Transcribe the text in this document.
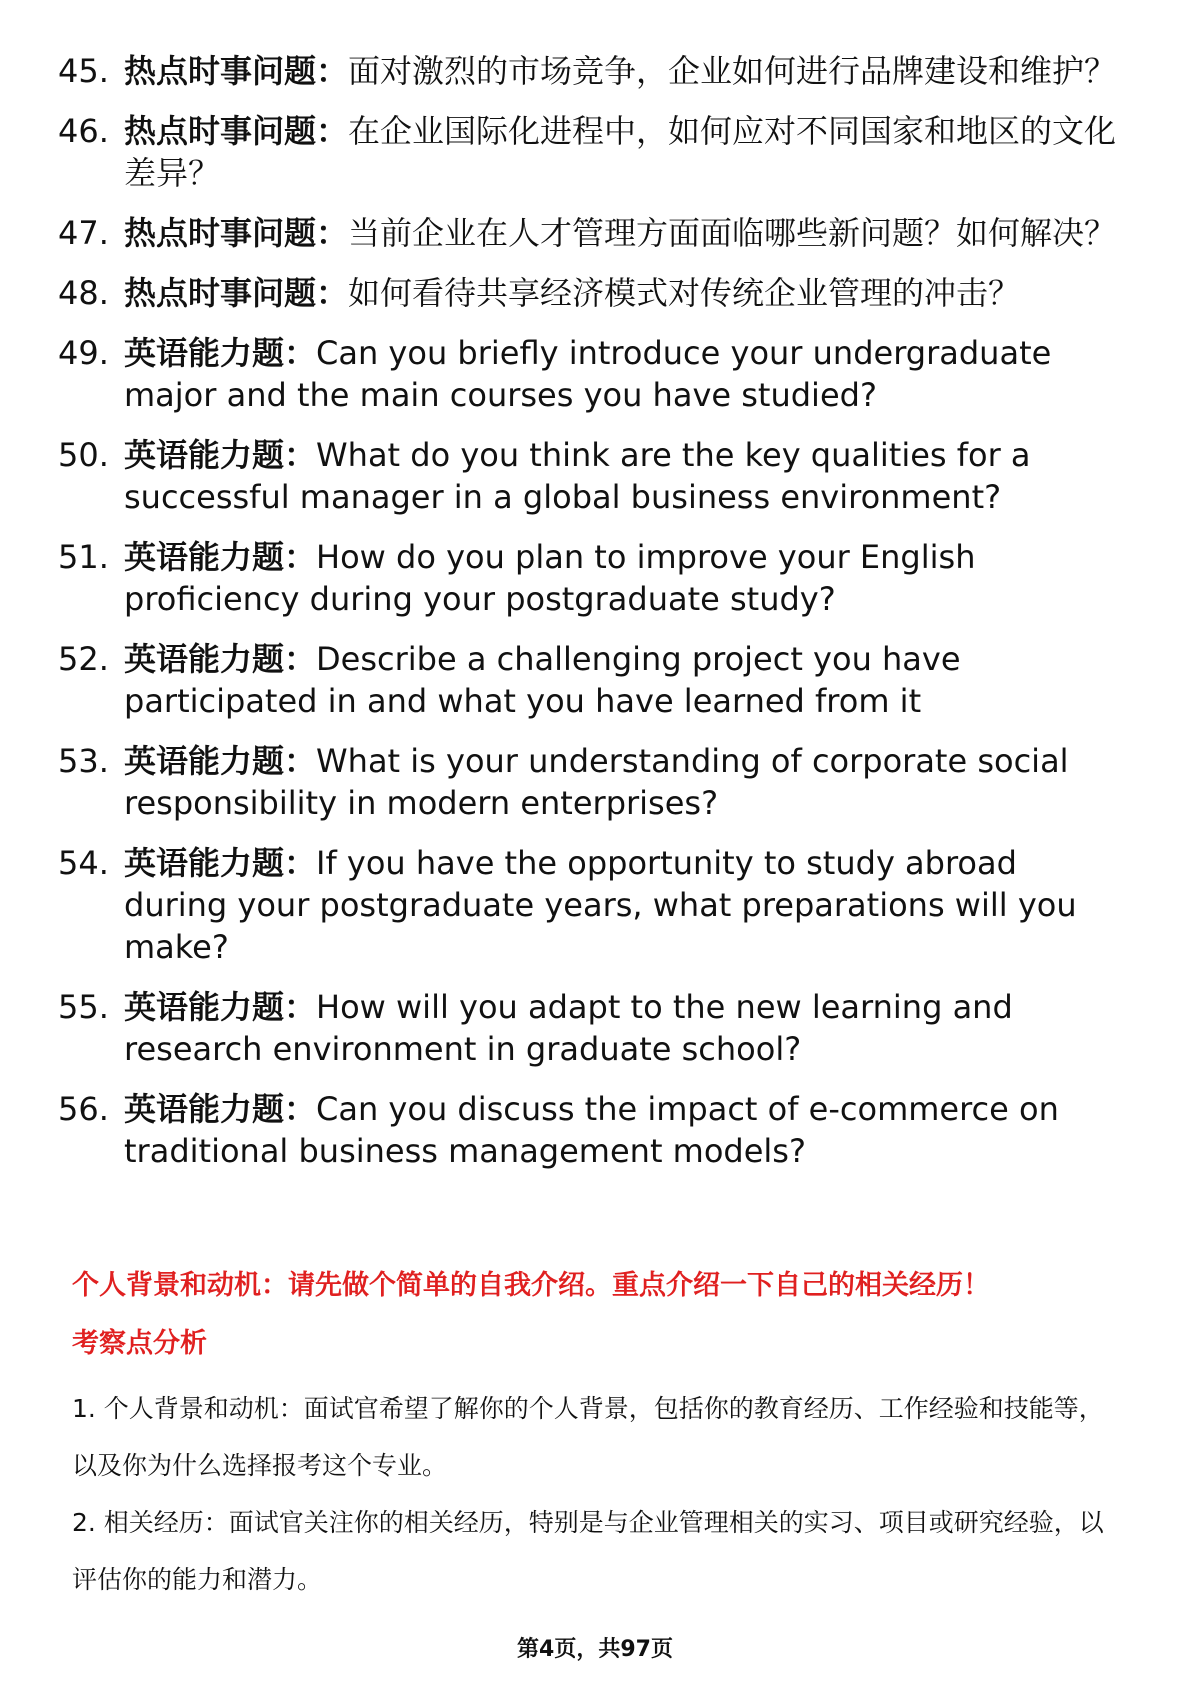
45. 热点时事问题：面对激烈的市场竞争，企业如何进行品牌建设和维护？
46. 热点时事问题：在企业国际化进程中，如何应对不同国家和地区的文化差异？
47. 热点时事问题：当前企业在人才管理方面面临哪些新问题？如何解决？
48. 热点时事问题：如何看待共享经济模式对传统企业管理的冲击？
49. 英语能力题：Can you briefly introduce your undergraduate major and the main courses you have studied?
50. 英语能力题：What do you think are the key qualities for a successful manager in a global business environment?
51. 英语能力题：How do you plan to improve your English proficiency during your postgraduate study?
52. 英语能力题：Describe a challenging project you have participated in and what you have learned from it
53. 英语能力题：What is your understanding of corporate social responsibility in modern enterprises?
54. 英语能力题：If you have the opportunity to study abroad during your postgraduate years, what preparations will you make?
55. 英语能力题：How will you adapt to the new learning and research environment in graduate school?
56. 英语能力题：Can you discuss the impact of e-commerce on traditional business management models?
个人背景和动机：请先做个简单的自我介绍。重点介绍一下自己的相关经历！
考察点分析
1. 个人背景和动机：面试官希望了解你的个人背景，包括你的教育经历、工作经验和技能等，以及你为什么选择报考这个专业。
2. 相关经历：面试官关注你的相关经历，特别是与企业管理相关的实习、项目或研究经验，以评估你的能力和潜力。
第4页，共97页
